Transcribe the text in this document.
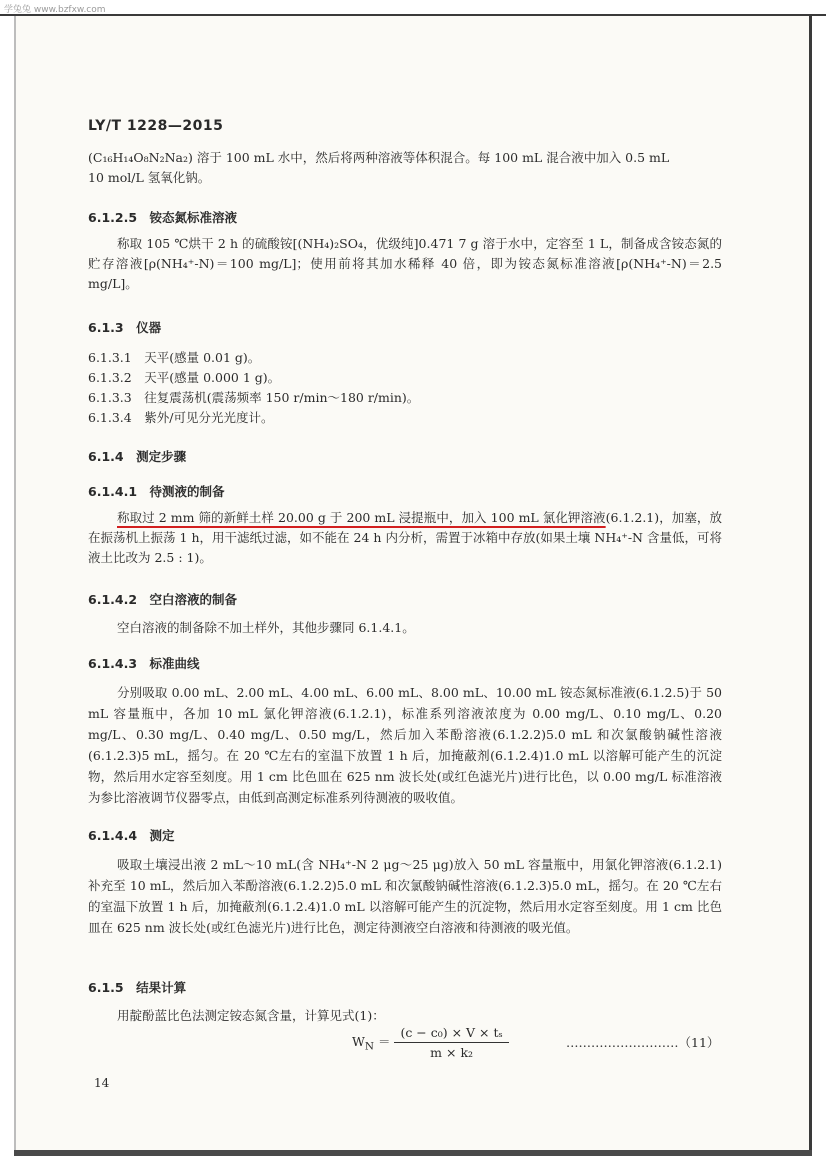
学兔兔 www.bzfxw.com
LY/T 1228—2015

(C₁₆H₁₄O₈N₂Na₂) 溶于 100 mL 水中，然后将两种溶液等体积混合。每 100 mL 混合液中加入 0.5 mL

10 mol/L 氢氧化钠。

6.1.2.5　铵态氮标准溶液

称取 105 ℃烘干 2 h 的硫酸铵[(NH₄)₂SO₄，优级纯]0.471 7 g 溶于水中，定容至 1 L，制备成含铵态氮的贮存溶液[ρ(NH₄⁺-N)＝100 mg/L]；使用前将其加水稀释 40 倍，即为铵态氮标准溶液[ρ(NH₄⁺-N)＝2.5 mg/L]。

6.1.3　仪器

6.1.3.1　天平(感量 0.01 g)。

6.1.3.2　天平(感量 0.000 1 g)。

6.1.3.3　往复震荡机(震荡频率 150 r/min～180 r/min)。

6.1.3.4　紫外/可见分光光度计。

6.1.4　测定步骤
6.1.4.1　待测液的制备

称取过 2 mm 筛的新鲜土样 20.00 g 于 200 mL 浸提瓶中，加入 100 mL 氯化钾溶液(6.1.2.1)，加塞，放在振荡机上振荡 1 h，用干滤纸过滤，如不能在 24 h 内分析，需置于冰箱中存放(如果土壤 NH₄⁺-N 含量低，可将液土比改为 2.5 : 1)。

6.1.4.2　空白溶液的制备

空白溶液的制备除不加土样外，其他步骤同 6.1.4.1。

6.1.4.3　标准曲线

分别吸取 0.00 mL、2.00 mL、4.00 mL、6.00 mL、8.00 mL、10.00 mL 铵态氮标准液(6.1.2.5)于 50 mL 容量瓶中，各加 10 mL 氯化钾溶液(6.1.2.1)，标准系列溶液浓度为 0.00 mg/L、0.10 mg/L、0.20 mg/L、0.30 mg/L、0.40 mg/L、0.50 mg/L，然后加入苯酚溶液(6.1.2.2)5.0 mL 和次氯酸钠碱性溶液(6.1.2.3)5 mL，摇匀。在 20 ℃左右的室温下放置 1 h 后，加掩蔽剂(6.1.2.4)1.0 mL 以溶解可能产生的沉淀物，然后用水定容至刻度。用 1 cm 比色皿在 625 nm 波长处(或红色滤光片)进行比色，以 0.00 mg/L 标准溶液为参比溶液调节仪器零点，由低到高测定标准系列待测液的吸收值。

6.1.4.4　测定

吸取土壤浸出液 2 mL～10 mL(含 NH₄⁺-N 2 μg～25 μg)放入 50 mL 容量瓶中，用氯化钾溶液(6.1.2.1)补充至 10 mL，然后加入苯酚溶液(6.1.2.2)5.0 mL 和次氯酸钠碱性溶液(6.1.2.3)5.0 mL，摇匀。在 20 ℃左右的室温下放置 1 h 后，加掩蔽剂(6.1.2.4)1.0 mL 以溶解可能产生的沉淀物，然后用水定容至刻度。用 1 cm 比色皿在 625 nm 波长处(或红色滤光片)进行比色，测定待测液空白溶液和待测液的吸光值。

6.1.5　结果计算

用靛酚蓝比色法测定铵态氮含量，计算见式(1)：

$W_N = \frac{\text{(c − c₀) × V × tₛ}}{\text{m × k₂}}$	………………………（11）
14
